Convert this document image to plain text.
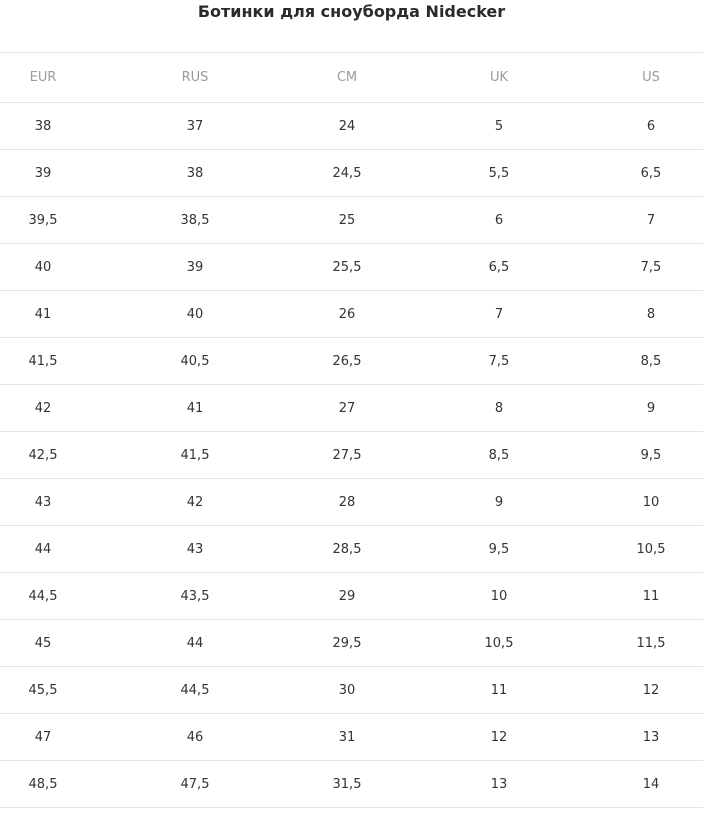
Ботинки для сноуборда Nidecker
EUR	RUS	CM	UK	US
38	37	24	5	6
39	38	24,5	5,5	6,5
39,5	38,5	25	6	7
40	39	25,5	6,5	7,5
41	40	26	7	8
41,5	40,5	26,5	7,5	8,5
42	41	27	8	9
42,5	41,5	27,5	8,5	9,5
43	42	28	9	10
44	43	28,5	9,5	10,5
44,5	43,5	29	10	11
45	44	29,5	10,5	11,5
45,5	44,5	30	11	12
47	46	31	12	13
48,5	47,5	31,5	13	14
